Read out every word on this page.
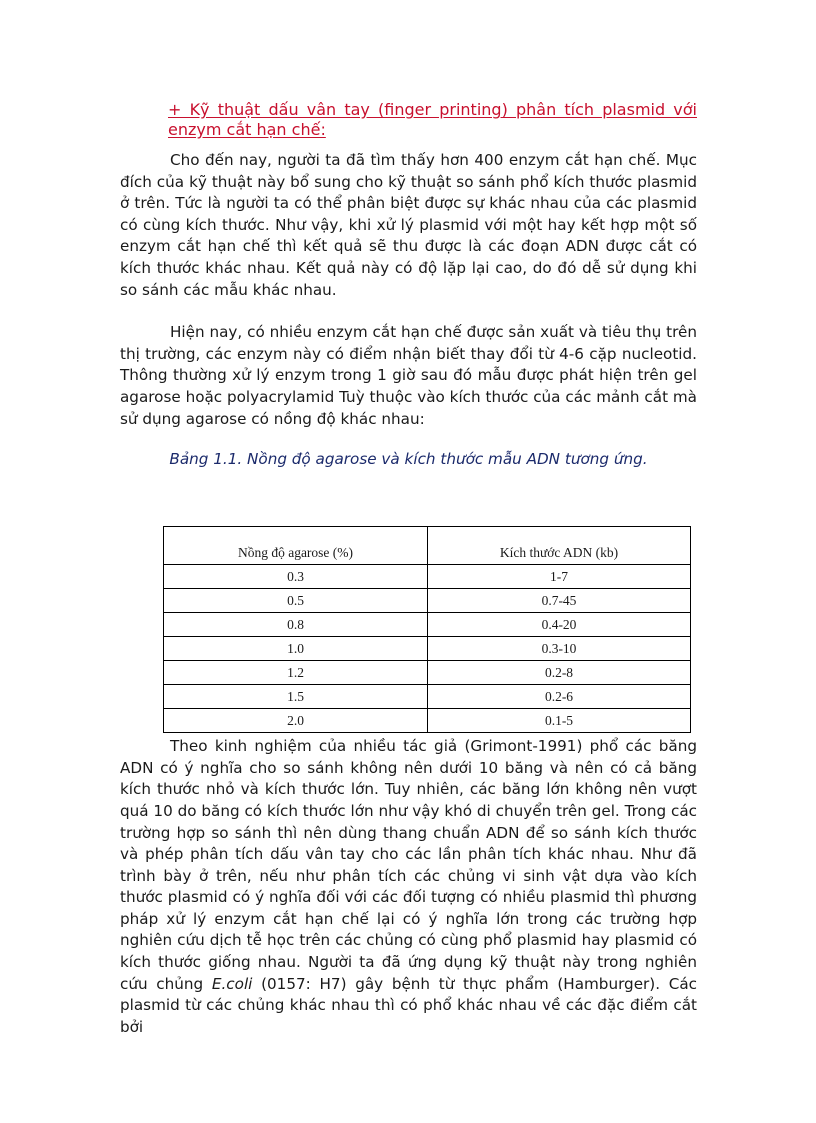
+ Kỹ thuật dấu vân tay (finger printing) phân tích plasmid với enzym cắt hạn chế:

Cho đến nay, người ta đã tìm thấy hơn 400 enzym cắt hạn chế. Mục đích của kỹ thuật này bổ sung cho kỹ thuật so sánh phổ kích thước plasmid ở trên. Tức là người ta có thể phân biệt được sự khác nhau của các plasmid có cùng kích thước. Như vậy, khi xử lý plasmid với một hay kết hợp một số enzym cắt hạn chế thì kết quả sẽ thu được là các đoạn ADN được cắt có kích thước khác nhau. Kết quả này có độ lặp lại cao, do đó dễ sử dụng khi so sánh các mẫu khác nhau.

Hiện nay, có nhiều enzym cắt hạn chế được sản xuất và tiêu thụ trên thị trường, các enzym này có điểm nhận biết thay đổi từ 4-6 cặp nucleotid. Thông thường xử lý enzym trong 1 giờ sau đó mẫu được phát hiện trên gel agarose hoặc polyacrylamid Tuỳ thuộc vào kích thước của các mảnh cắt mà sử dụng agarose có nồng độ khác nhau:

Bảng 1.1. Nồng độ agarose và kích thước mẫu ADN tương ứng.

Nồng độ agarose (%)	Kích thước ADN (kb)
0.3	1-7
0.5	0.7-45
0.8	0.4-20
1.0	0.3-10
1.2	0.2-8
1.5	0.2-6
2.0	0.1-5

Theo kinh nghiệm của nhiều tác giả (Grimont-1991) phổ các băng ADN có ý nghĩa cho so sánh không nên dưới 10 băng và nên có cả băng kích thước nhỏ và kích thước lớn. Tuy nhiên, các băng lớn không nên vượt quá 10 do băng có kích thước lớn như vậy khó di chuyển trên gel. Trong các trường hợp so sánh thì nên dùng thang chuẩn ADN để so sánh kích thước và phép phân tích dấu vân tay cho các lần phân tích khác nhau. Như đã trình bày ở trên, nếu như phân tích các chủng vi sinh vật dựa vào kích thước plasmid có ý nghĩa đối với các đối tượng có nhiều plasmid thì phương pháp xử lý enzym cắt hạn chế lại có ý nghĩa lớn trong các trường hợp nghiên cứu dịch tễ học trên các chủng có cùng phổ plasmid hay plasmid có kích thước giống nhau. Người ta đã ứng dụng kỹ thuật này trong nghiên cứu chủng E.coli (0157: H7) gây bệnh từ thực phẩm (Hamburger). Các plasmid từ các chủng khác nhau thì có phổ khác nhau về các đặc điểm cắt bởi
